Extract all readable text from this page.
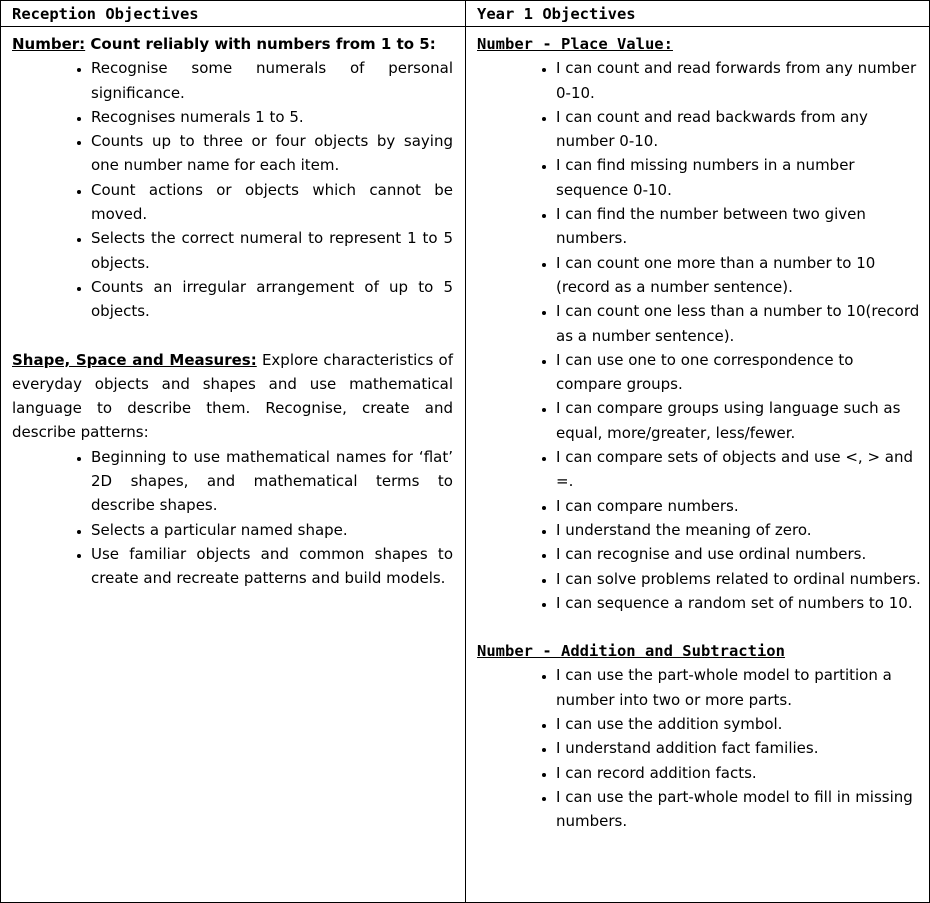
Reception Objectives
Number: Count reliably with numbers from 1 to 5:
• Recognise some numerals of personal significance.
• Recognises numerals 1 to 5.
• Counts up to three or four objects by saying one number name for each item.
• Count actions or objects which cannot be moved.
• Selects the correct numeral to represent 1 to 5 objects.
• Counts an irregular arrangement of up to 5 objects.
Shape, Space and Measures: Explore characteristics of everyday objects and shapes and use mathematical language to describe them. Recognise, create and describe patterns:
• Beginning to use mathematical names for ‘flat’ 2D shapes, and mathematical terms to describe shapes.
• Selects a particular named shape.
• Use familiar objects and common shapes to create and recreate patterns and build models.
Year 1 Objectives
Number - Place Value:
• I can count and read forwards from any number 0-10.
• I can count and read backwards from any number 0-10.
• I can find missing numbers in a number sequence 0-10.
• I can find the number between two given numbers.
• I can count one more than a number to 10 (record as a number sentence).
• I can count one less than a number to 10(record as a number sentence).
• I can use one to one correspondence to compare groups.
• I can compare groups using language such as equal, more/greater, less/fewer.
• I can compare sets of objects and use <, > and =.
• I can compare numbers.
• I understand the meaning of zero.
• I can recognise and use ordinal numbers.
• I can solve problems related to ordinal numbers.
• I can sequence a random set of numbers to 10.
Number - Addition and Subtraction
• I can use the part-whole model to partition a number into two or more parts.
• I can use the addition symbol.
• I understand addition fact families.
• I can record addition facts.
• I can use the part-whole model to fill in missing numbers.
